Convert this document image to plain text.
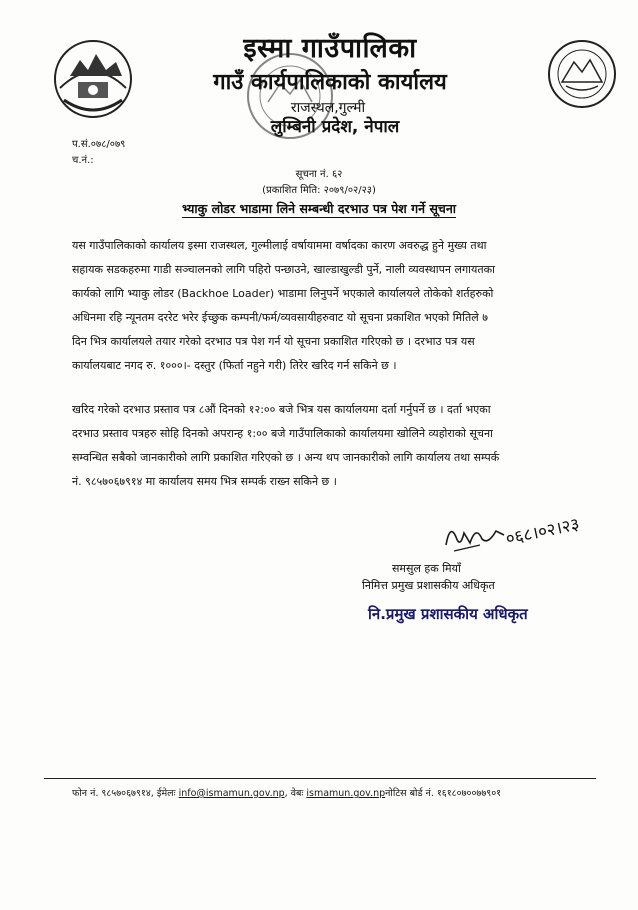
इस्मा गाउँपालिका
गाउँ कार्यपालिकाको कार्यालय
राजस्थल,गुल्मी
लुम्बिनी प्रदेश, नेपाल
प.सं.०७८/०७९
च.नं.:
सूचना नं. ६२
(प्रकाशित मिति: २०७९/०२/२३)
भ्याकु लोडर भाडामा लिने सम्बन्धी दरभाउ पत्र पेश गर्ने सूचना
यस गाउँपालिकाको कार्यालय इस्मा राजस्थल, गुल्मीलाई वर्षायाममा वर्षादका कारण अवरुद्ध हुने मुख्य तथा
सहायक सडकहरुमा गाडी सञ्चालनको लागि पहिरो पन्छाउने, खाल्डाखुल्डी पुर्ने, नाली व्यवस्थापन लगायतका
कार्यको लागि भ्याकु लोडर (Backhoe Loader) भाडामा लिनुपर्ने भएकाले कार्यालयले तोकेको शर्तहरुको
अधिनमा रहि न्यूनतम दररेट भरेर ईच्छुक कम्पनी/फर्म/व्यवसायीहरुवाट यो सूचना प्रकाशित भएको मितिले ७
दिन भित्र कार्यालयले तयार गरेको दरभाउ पत्र पेश गर्न यो सूचना प्रकाशित गरिएको छ । दरभाउ पत्र यस
कार्यालयबाट नगद रु. १०००।- दस्तुर (फिर्ता नहुने गरी) तिरेर खरिद गर्न सकिने छ ।
खरिद गरेको दरभाउ प्रस्ताव पत्र ८औं दिनको १२:०० बजे भित्र यस कार्यालयमा दर्ता गर्नुपर्ने छ । दर्ता भएका
दरभाउ प्रस्ताव पत्रहरु सोहि दिनको अपरान्ह १:०० बजे गाउँपालिकाको कार्यालयमा खोलिने व्यहोराको सूचना
सम्वन्धित सबैको जानकारीको लागि प्रकाशित गरिएको छ । अन्य थप जानकारीको लागि कार्यालय तथा सम्पर्क
नं. ९८५७०६७९१४ मा कार्यालय समय भित्र सम्पर्क राख्न सकिने छ ।
०६८।०२।२३
समसुल हक मियाँ
निमित्त प्रमुख प्रशासकीय अधिकृत
नि.प्रमुख प्रशासकीय अधिकृत
फोन नं. ९८५७०६७९१४, ईमेलः info@ismamun.gov.np, वेबः ismamun.gov.npनोटिस बोर्ड नं. १६१८०७००७७९०१
